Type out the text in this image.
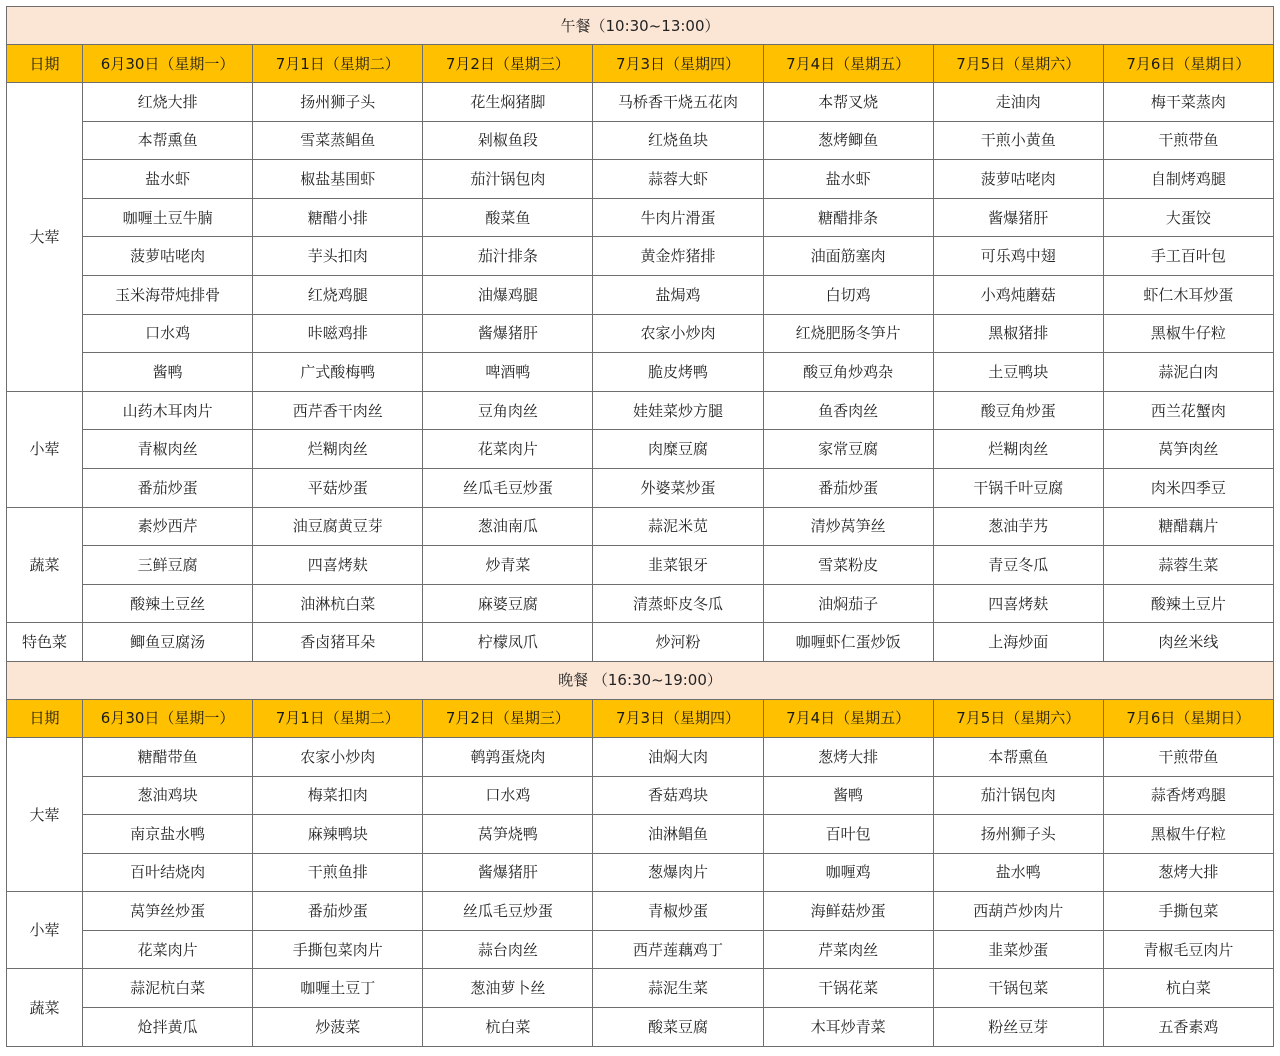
午餐（10:30~13:00）							
日期	6月30日（星期一）	7月1日（星期二）	7月2日（星期三）	7月3日（星期四）	7月4日（星期五）	7月5日（星期六）	7月6日（星期日）
大荤	红烧大排	扬州狮子头	花生焖猪脚	马桥香干烧五花肉	本帮叉烧	走油肉	梅干菜蒸肉
	本帮熏鱼	雪菜蒸鲳鱼	剁椒鱼段	红烧鱼块	葱烤鲫鱼	干煎小黄鱼	干煎带鱼
	盐水虾	椒盐基围虾	茄汁锅包肉	蒜蓉大虾	盐水虾	菠萝咕咾肉	自制烤鸡腿
	咖喱土豆牛腩	糖醋小排	酸菜鱼	牛肉片滑蛋	糖醋排条	酱爆猪肝	大蛋饺
	菠萝咕咾肉	芋头扣肉	茄汁排条	黄金炸猪排	油面筋塞肉	可乐鸡中翅	手工百叶包
	玉米海带炖排骨	红烧鸡腿	油爆鸡腿	盐焗鸡	白切鸡	小鸡炖蘑菇	虾仁木耳炒蛋
	口水鸡	咔嗞鸡排	酱爆猪肝	农家小炒肉	红烧肥肠冬笋片	黑椒猪排	黑椒牛仔粒
	酱鸭	广式酸梅鸭	啤酒鸭	脆皮烤鸭	酸豆角炒鸡杂	土豆鸭块	蒜泥白肉
小荤	山药木耳肉片	西芹香干肉丝	豆角肉丝	娃娃菜炒方腿	鱼香肉丝	酸豆角炒蛋	西兰花蟹肉
	青椒肉丝	烂糊肉丝	花菜肉片	肉糜豆腐	家常豆腐	烂糊肉丝	莴笋肉丝
	番茄炒蛋	平菇炒蛋	丝瓜毛豆炒蛋	外婆菜炒蛋	番茄炒蛋	干锅千叶豆腐	肉米四季豆
蔬菜	素炒西芹	油豆腐黄豆芽	葱油南瓜	蒜泥米苋	清炒莴笋丝	葱油芋艿	糖醋藕片
	三鲜豆腐	四喜烤麸	炒青菜	韭菜银牙	雪菜粉皮	青豆冬瓜	蒜蓉生菜
	酸辣土豆丝	油淋杭白菜	麻婆豆腐	清蒸虾皮冬瓜	油焖茄子	四喜烤麸	酸辣土豆片
特色菜	鲫鱼豆腐汤	香卤猪耳朵	柠檬凤爪	炒河粉	咖喱虾仁蛋炒饭	上海炒面	肉丝米线
晚餐 （16:30~19:00）							
日期	6月30日（星期一）	7月1日（星期二）	7月2日（星期三）	7月3日（星期四）	7月4日（星期五）	7月5日（星期六）	7月6日（星期日）
大荤	糖醋带鱼	农家小炒肉	鹌鹑蛋烧肉	油焖大肉	葱烤大排	本帮熏鱼	干煎带鱼
	葱油鸡块	梅菜扣肉	口水鸡	香菇鸡块	酱鸭	茄汁锅包肉	蒜香烤鸡腿
	南京盐水鸭	麻辣鸭块	莴笋烧鸭	油淋鲳鱼	百叶包	扬州狮子头	黑椒牛仔粒
	百叶结烧肉	干煎鱼排	酱爆猪肝	葱爆肉片	咖喱鸡	盐水鸭	葱烤大排
小荤	莴笋丝炒蛋	番茄炒蛋	丝瓜毛豆炒蛋	青椒炒蛋	海鲜菇炒蛋	西葫芦炒肉片	手撕包菜
	花菜肉片	手撕包菜肉片	蒜台肉丝	西芹莲藕鸡丁	芹菜肉丝	韭菜炒蛋	青椒毛豆肉片
蔬菜	蒜泥杭白菜	咖喱土豆丁	葱油萝卜丝	蒜泥生菜	干锅花菜	干锅包菜	杭白菜
	炝拌黄瓜	炒菠菜	杭白菜	酸菜豆腐	木耳炒青菜	粉丝豆芽	五香素鸡
